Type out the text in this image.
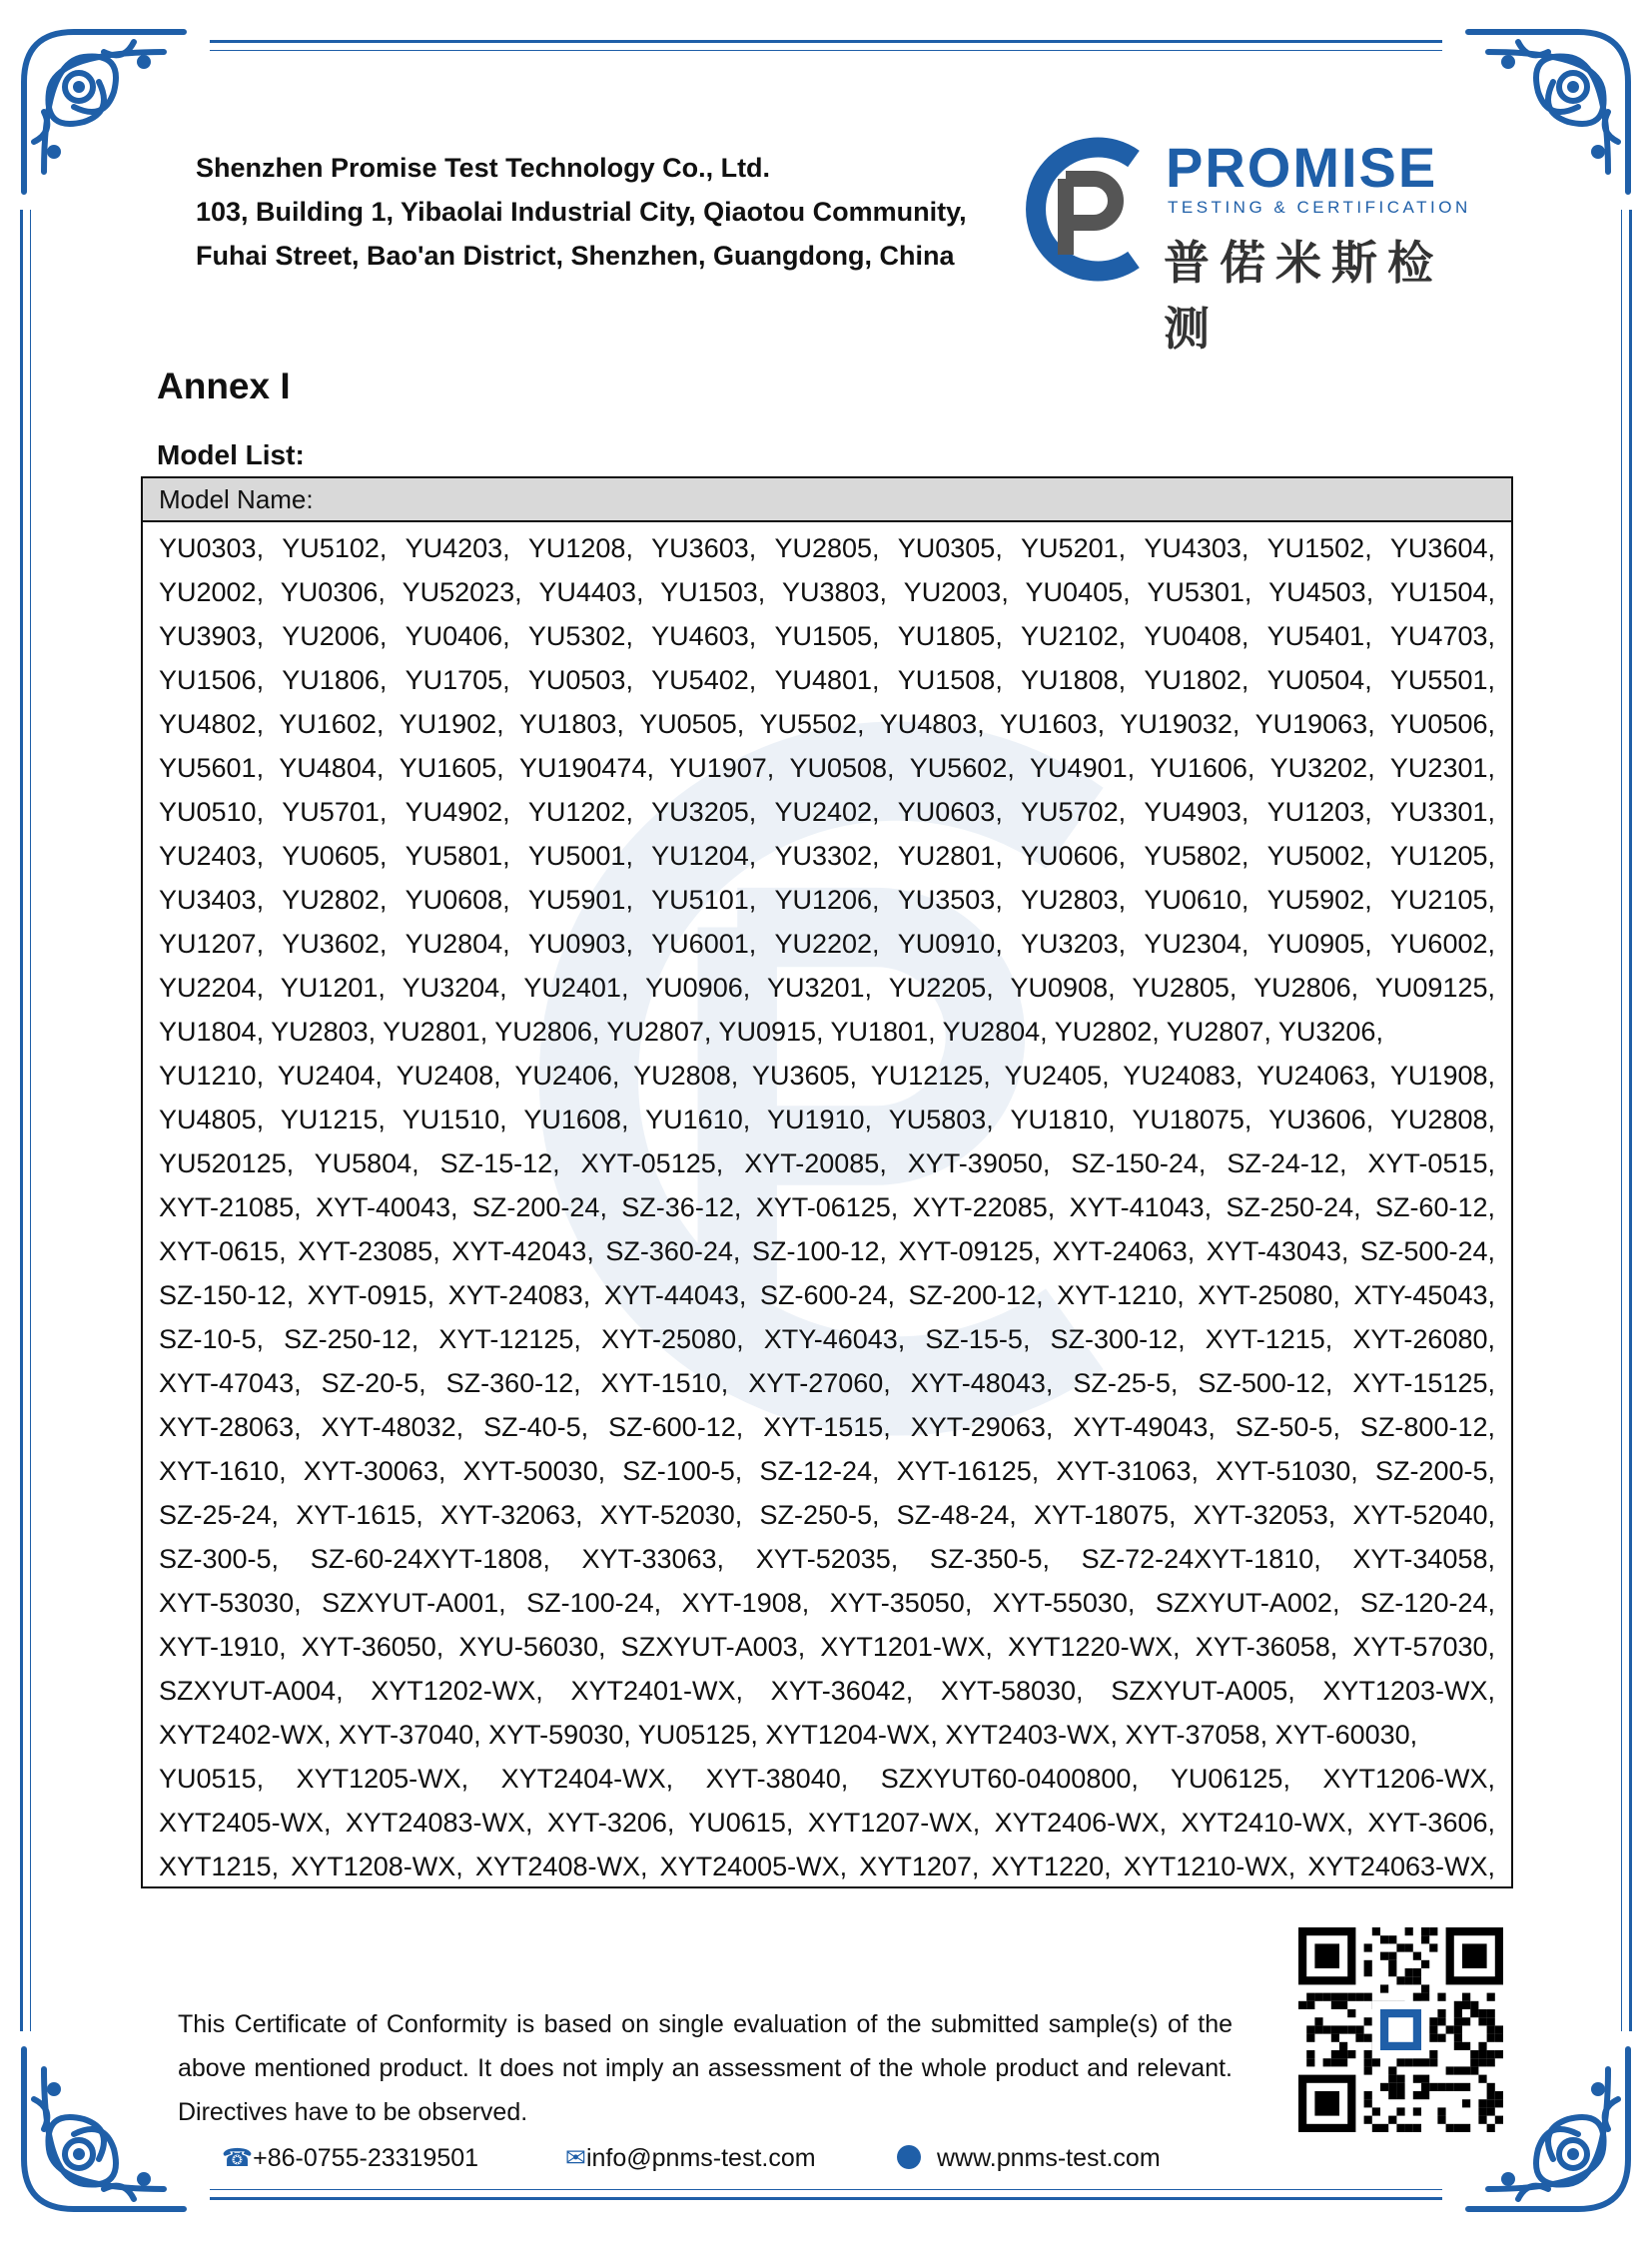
Shenzhen Promise Test Technology Co., Ltd.
103, Building 1, Yibaolai Industrial City, Qiaotou Community,
Fuhai Street, Bao'an District, Shenzhen, Guangdong, China
PROMISE
TESTING & CERTIFICATION
普偌米斯检测
Annex I
Model List:
Model Name:
YU0303, YU5102, YU4203, YU1208, YU3603, YU2805, YU0305, YU5201, YU4303, YU1502, YU3604,
YU2002, YU0306, YU52023, YU4403, YU1503, YU3803, YU2003, YU0405, YU5301, YU4503, YU1504,
YU3903, YU2006, YU0406, YU5302, YU4603, YU1505, YU1805, YU2102, YU0408, YU5401, YU4703,
YU1506, YU1806, YU1705, YU0503, YU5402, YU4801, YU1508, YU1808, YU1802, YU0504, YU5501,
YU4802, YU1602, YU1902, YU1803, YU0505, YU5502, YU4803, YU1603, YU19032, YU19063, YU0506,
YU5601, YU4804, YU1605, YU190474, YU1907, YU0508, YU5602, YU4901, YU1606, YU3202, YU2301,
YU0510, YU5701, YU4902, YU1202, YU3205, YU2402, YU0603, YU5702, YU4903, YU1203, YU3301,
YU2403, YU0605, YU5801, YU5001, YU1204, YU3302, YU2801, YU0606, YU5802, YU5002, YU1205,
YU3403, YU2802, YU0608, YU5901, YU5101, YU1206, YU3503, YU2803, YU0610, YU5902, YU2105,
YU1207, YU3602, YU2804, YU0903, YU6001, YU2202, YU0910, YU3203, YU2304, YU0905, YU6002,
YU2204, YU1201, YU3204, YU2401, YU0906, YU3201, YU2205, YU0908, YU2805, YU2806, YU09125,
YU1804, YU2803, YU2801, YU2806, YU2807, YU0915, YU1801, YU2804, YU2802, YU2807, YU3206,
YU1210, YU2404, YU2408, YU2406, YU2808, YU3605, YU12125, YU2405, YU24083, YU24063, YU1908,
YU4805, YU1215, YU1510, YU1608, YU1610, YU1910, YU5803, YU1810, YU18075, YU3606, YU2808,
YU520125, YU5804, SZ-15-12, XYT-05125, XYT-20085, XYT-39050, SZ-150-24, SZ-24-12, XYT-0515,
XYT-21085, XYT-40043, SZ-200-24, SZ-36-12, XYT-06125, XYT-22085, XYT-41043, SZ-250-24, SZ-60-12,
XYT-0615, XYT-23085, XYT-42043, SZ-360-24, SZ-100-12, XYT-09125, XYT-24063, XYT-43043, SZ-500-24,
SZ-150-12, XYT-0915, XYT-24083, XYT-44043, SZ-600-24, SZ-200-12, XYT-1210, XYT-25080, XTY-45043,
SZ-10-5, SZ-250-12, XYT-12125, XYT-25080, XTY-46043, SZ-15-5, SZ-300-12, XYT-1215, XYT-26080,
XYT-47043, SZ-20-5, SZ-360-12, XYT-1510, XYT-27060, XYT-48043, SZ-25-5, SZ-500-12, XYT-15125,
XYT-28063, XYT-48032, SZ-40-5, SZ-600-12, XYT-1515, XYT-29063, XYT-49043, SZ-50-5, SZ-800-12,
XYT-1610, XYT-30063, XYT-50030, SZ-100-5, SZ-12-24, XYT-16125, XYT-31063, XYT-51030, SZ-200-5,
SZ-25-24, XYT-1615, XYT-32063, XYT-52030, SZ-250-5, SZ-48-24, XYT-18075, XYT-32053, XYT-52040,
SZ-300-5, SZ-60-24XYT-1808, XYT-33063, XYT-52035, SZ-350-5, SZ-72-24XYT-1810, XYT-34058,
XYT-53030, SZXYUT-A001, SZ-100-24, XYT-1908, XYT-35050, XYT-55030, SZXYUT-A002, SZ-120-24,
XYT-1910, XYT-36050, XYU-56030, SZXYUT-A003, XYT1201-WX, XYT1220-WX, XYT-36058, XYT-57030,
SZXYUT-A004, XYT1202-WX, XYT2401-WX, XYT-36042, XYT-58030, SZXYUT-A005, XYT1203-WX,
XYT2402-WX, XYT-37040, XYT-59030, YU05125, XYT1204-WX, XYT2403-WX, XYT-37058, XYT-60030,
YU0515, XYT1205-WX, XYT2404-WX, XYT-38040, SZXYUT60-0400800, YU06125, XYT1206-WX,
XYT2405-WX, XYT24083-WX, XYT-3206, YU0615, XYT1207-WX, XYT2406-WX, XYT2410-WX, XYT-3606,
XYT1215, XYT1208-WX, XYT2408-WX, XYT24005-WX, XYT1207, XYT1220, XYT1210-WX, XYT24063-WX,
This Certificate of Conformity is based on single evaluation of the submitted sample(s) of the above mentioned product. It does not imply an assessment of the whole product and relevant. Directives have to be observed.
☎+86-0755-23319501	✉info@pnms-test.com	www.pnms-test.com
